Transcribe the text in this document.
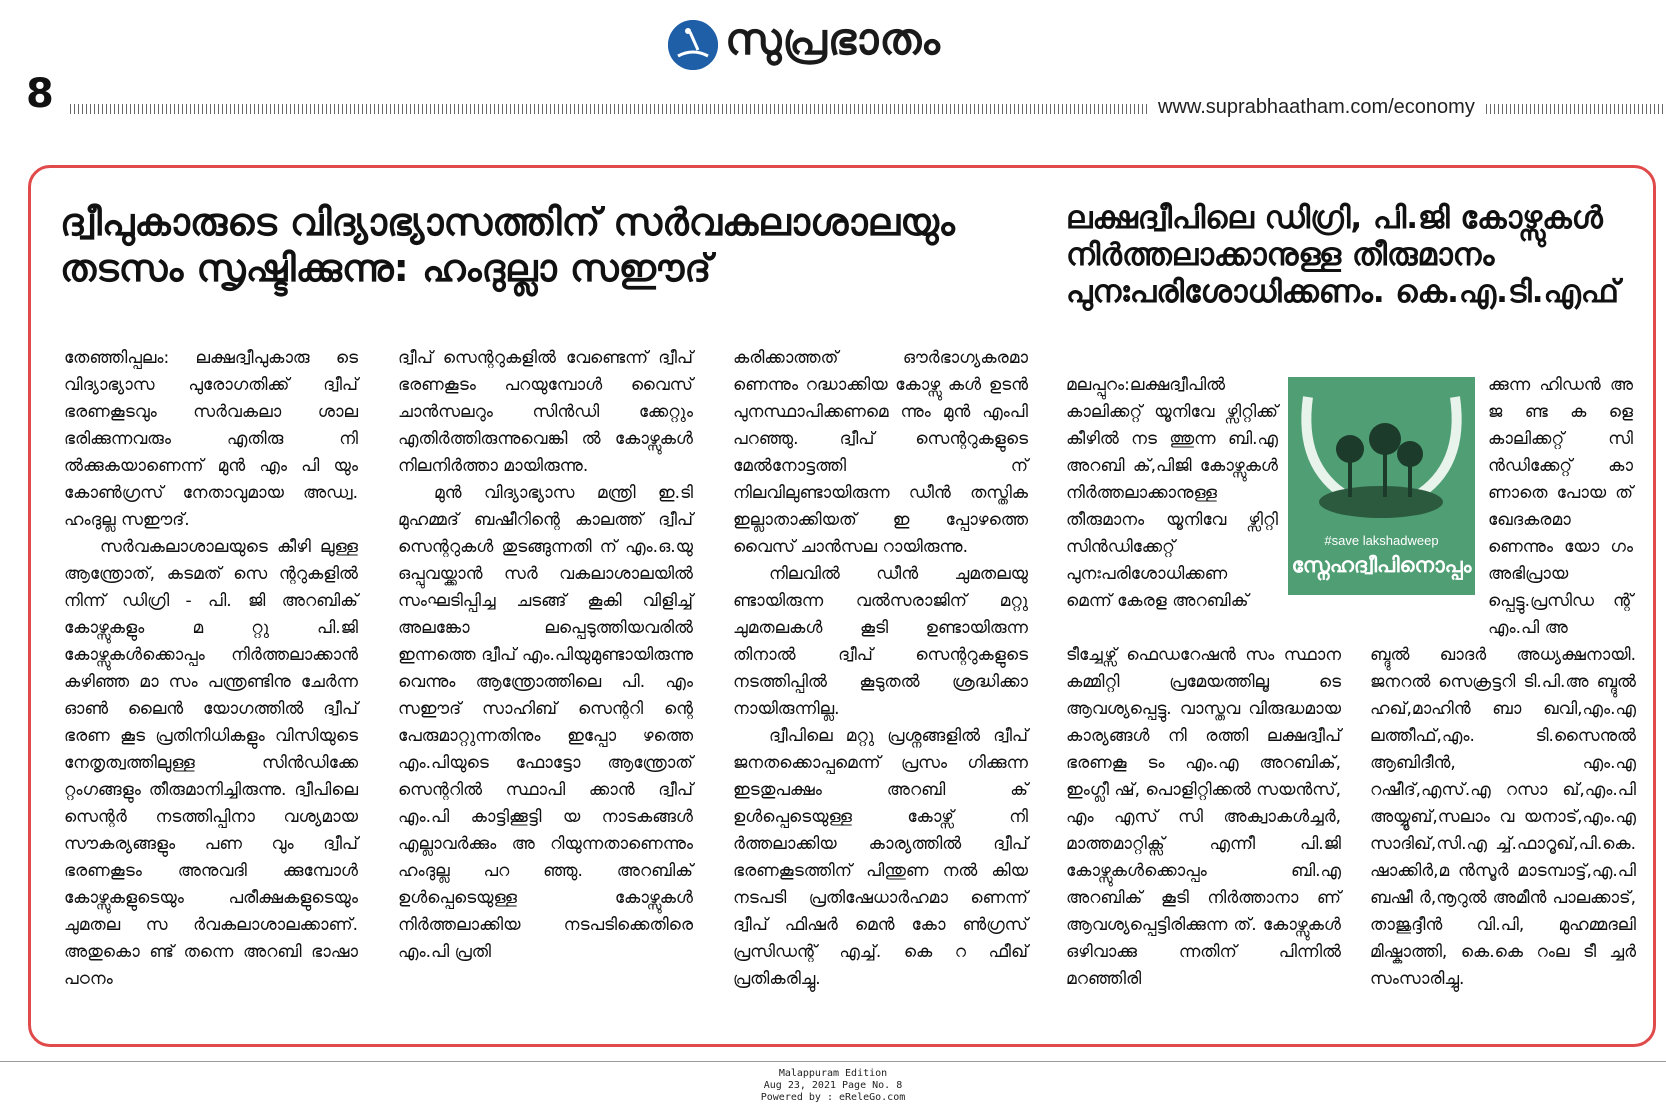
സുപ്രഭാതം
8	www.suprabhaatham.com/economy
ദ്വീപുകാരുടെ വിദ്യാഭ്യാസത്തിന് സർവകലാശാലയും തടസം സൃഷ്ടിക്കുന്നു: ഹംദുല്ലാ സഈദ്

തേഞ്ഞിപ്പലം: ലക്ഷദ്വീപുകാരു ടെ വിദ്യാഭ്യാസ പുരോഗതിക്ക് ദ്വീപ് ഭരണകൂടവും സർവകലാ ശാല ഭരിക്കുന്നവരും എതിരു നി ൽക്കുകയാണെന്ന് മുൻ എം പി യും കോൺഗ്രസ് നേതാവുമായ അഡ്വ. ഹംദുല്ല സഈദ്.

സർവകലാശാലയുടെ കീഴി ലുള്ള ആന്ത്രോത്, കടമത് സെ ന്ററുകളിൽ നിന്ന് ഡിഗ്രി - പി. ജി അറബിക് കോഴ്സുകളും മ റ്റു പി.ജി കോഴ്സുകൾക്കൊപ്പം നിർത്തലാക്കാൻ കഴിഞ്ഞ മാ സം പന്ത്രണ്ടിനു ചേർന്ന ഓൺ ലൈൻ യോഗത്തിൽ ദ്വീപ് ഭരണ കൂട പ്രതിനിധികളും വിസിയുടെ നേതൃത്വത്തിലുള്ള സിൻഡിക്കേ റ്റംഗങ്ങളും തീരുമാനിച്ചിരുന്നു. ദ്വീപിലെ സെന്റർ നടത്തിപ്പിനാ വശ്യമായ സൗകര്യങ്ങളും പണ വും ദ്വീപ് ഭരണകൂടം അനുവദി ക്കുമ്പോൾ കോഴ്സുകളുടെയും പരീക്ഷകളുടെയും ചുമതല സ ർവകലാശാലക്കാണ്. അതുകൊ ണ്ട് തന്നെ അറബി ഭാഷാ പഠനം

ദ്വീപ് സെന്ററുകളിൽ വേണ്ടെന്ന് ദ്വീപ് ഭരണകൂടം പറയുമ്പോൾ വൈസ് ചാൻസലറും സിൻഡി ക്കേറ്റും എതിർത്തിരുന്നുവെങ്കി ൽ കോഴ്സുകൾ നിലനിർത്താ മായിരുന്നു.

മുൻ വിദ്യാഭ്യാസ മന്ത്രി ഇ.ടി മുഹമ്മദ് ബഷീറിന്റെ കാലത്ത് ദ്വീപ് സെന്ററുകൾ തുടങ്ങുന്നതി ന് എം.ഒ.യു ഒപ്പുവയ്ക്കാൻ സർ വകലാശാലയിൽ സംഘടിപ്പിച്ച ചടങ്ങ് കൂകി വിളിച്ച് അലങ്കോ ലപ്പെടുത്തിയവരിൽ ഇന്നത്തെ ദ്വീപ് എം.പിയുമുണ്ടായിരുന്നു വെന്നും ആന്ത്രോത്തിലെ പി. എം സഈദ് സാഹിബ് സെന്ററി ന്റെ പേരുമാറ്റുന്നതിനും ഇപ്പോ ഴത്തെ എം.പിയുടെ ഫോട്ടോ ആന്ത്രോത് സെന്ററിൽ സ്ഥാപി ക്കാൻ ദ്വീപ് എം.പി കാട്ടിക്കൂട്ടി യ നാടകങ്ങൾ എല്ലാവർക്കും അ റിയുന്നതാണെന്നും ഹംദുല്ല പറ ഞ്ഞു. അറബിക് ഉൾപ്പെടെയുള്ള കോഴ്സുകൾ നിർത്തലാക്കിയ നടപടിക്കെതിരെ എം.പി പ്രതി

കരിക്കാത്തത് ഔർഭാഗ്യകരമാ ണെന്നും റദ്ധാക്കിയ കോഴ്സു കൾ ഉടൻ പുനസ്ഥാപിക്കണമെ ന്നും മുൻ എംപി പറഞ്ഞു. ദ്വീപ് സെന്ററുകളുടെ മേൽനോട്ടത്തി ന് നിലവിലുണ്ടായിരുന്ന ഡീൻ തസ്തിക ഇല്ലാതാക്കിയത് ഇ പ്പോഴത്തെ വൈസ് ചാൻസല റായിരുന്നു.

നിലവിൽ ഡീൻ ചുമതലയു ണ്ടായിരുന്ന വൽസരാജിന് മറ്റു ചുമതലകൾ കൂടി ഉണ്ടായിരുന്ന തിനാൽ ദ്വീപ് സെന്ററുകളുടെ നടത്തിപ്പിൽ കൂടുതൽ ശ്രദ്ധിക്കാ നായിരുന്നില്ല.

ദ്വീപിലെ മറ്റു പ്രശ്നങ്ങളിൽ ദ്വീപ് ജനതക്കൊപ്പമെന്ന് പ്രസം ഗിക്കുന്ന ഇടതുപക്ഷം അറബി ക് ഉൾപ്പെടെയുള്ള കോഴ്സ് നി ർത്തലാക്കിയ കാര്യത്തിൽ ദ്വീപ് ഭരണകൂടത്തിന് പിന്തുണ നൽ കിയ നടപടി പ്രതിഷേധാർഹമാ ണെന്ന് ദ്വീപ് ഫിഷർ മെൻ കോ ൺഗ്രസ് പ്രസിഡന്റ് എച്ച്. കെ റ ഫീഖ് പ്രതികരിച്ചു.

ലക്ഷദ്വീപിലെ ഡിഗ്രി, പി.ജി കോഴ്സുകൾ നിർത്തലാക്കാനുള്ള തീരുമാനം പുനഃപരിശോധിക്കണം. കെ.എ.ടി.എഫ്

മലപ്പുറം:ലക്ഷദ്വീപിൽ കാലിക്കറ്റ് യൂനിവേ ഴ്സിറ്റിക്ക് കീഴിൽ നട ത്തുന്ന ബി.എ അറബി ക്,പിജി കോഴ്സുകൾ നിർത്തലാക്കാനുള്ള തീരുമാനം യൂനിവേ ഴ്സിറ്റി സിൻഡിക്കേറ്റ് പുനഃപരിശോധിക്കണ മെന്ന് കേരള അറബിക്

#save lakshadweep
സ്നേഹദ്വീപിനൊപ്പം

ക്കുന്ന ഹിഡൻ അ ജ ണ്ട ക ളെ കാലിക്കറ്റ് സി ൻഡിക്കേറ്റ് കാ ണാതെ പോയ ത് ഖേദകരമാ ണെന്നും യോ ഗം അഭിപ്രായ പ്പെട്ടു.പ്രസിഡ ന്റ് എം.പി അ

ടീച്ചേഴ്സ് ഫെഡറേഷൻ സം സ്ഥാന കമ്മിറ്റി പ്രമേയത്തിലൂ ടെ ആവശ്യപ്പെട്ടു. വാസ്തവ വിരുദ്ധമായ കാര്യങ്ങൾ നി രത്തി ലക്ഷദ്വീപ് ഭരണകൂ ടം എം.എ അറബിക്, ഇംഗ്ലീ ഷ്, പൊളിറ്റിക്കൽ സയൻസ്, എം എസ് സി അക്വാകൾച്ചർ, മാത്തമാറ്റിക്സ് എന്നീ പി.ജി കോഴ്സുകൾക്കൊപ്പം ബി.എ അറബിക് കൂടി നിർത്താനാ ണ് ആവശ്യപ്പെട്ടിരിക്കുന്ന ത്. കോഴ്സുകൾ ഒഴിവാക്കു ന്നതിന് പിന്നിൽ മറഞ്ഞിരി

ബ്ദുൽ ഖാദർ അധ്യക്ഷനായി. ജനറൽ സെക്രട്ടറി ടി.പി.അ ബ്ദുൽ ഹഖ്,മാഹിൻ ബാ ഖവി,എം.എ ലത്തീഫ്,എം. ടി.സൈനുൽ ആബിദീൻ, എം.എ റഷീദ്,എസ്.എ റസാ ഖ്,എം.പി അയ്യൂബ്,സലാം വ യനാട്,എം.എ സാദിഖ്,സി.എ ച്ച്.ഫാറൂഖ്,പി.കെ. ഷാക്കിർ,മ ൻസൂർ മാടമ്പാട്ട്,എ.പി ബഷീ ർ,നൂറുൽ അമീൻ പാലക്കാട്, താജുദ്ദീൻ വി.പി, മുഹമ്മദലി മിഷ്കാത്തി, കെ.കെ റംല ടീ ച്ചർ സംസാരിച്ചു.

Malappuram Edition
Aug 23, 2021 Page No. 8
Powered by : eReleGo.com
